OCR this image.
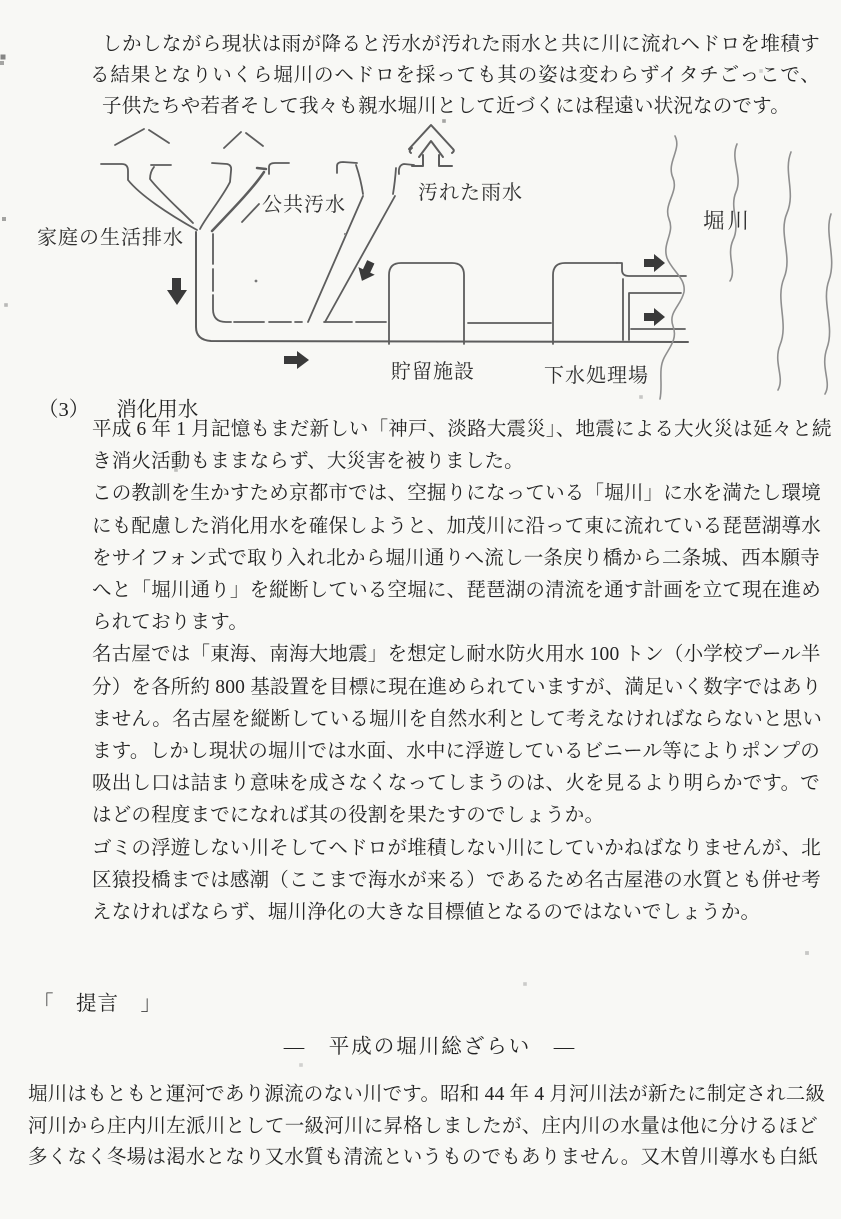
しかしながら現状は雨が降ると汚水が汚れた雨水と共に川に流れヘドロを堆積す
る結果となりいくら堀川のヘドロを採っても其の姿は変わらずイタチごっこで、
子供たちや若者そして我々も親水堀川として近づくには程遠い状況なのです。
家庭の生活排水
公共汚水
汚れた雨水
堀川
貯留施設	下水処理場
（3） 消化用水
平成 6 年 1 月記憶もまだ新しい「神戸、淡路大震災」、地震による大火災は延々と続
き消火活動もままならず、大災害を被りました。
この教訓を生かすため京都市では、空掘りになっている「堀川」に水を満たし環境
にも配慮した消化用水を確保しようと、加茂川に沿って東に流れている琵琶湖導水
をサイフォン式で取り入れ北から堀川通りへ流し一条戻り橋から二条城、西本願寺
へと「堀川通り」を縦断している空堀に、琵琶湖の清流を通す計画を立て現在進め
られております。
名古屋では「東海、南海大地震」を想定し耐水防火用水 100 トン（小学校プール半
分）を各所約 800 基設置を目標に現在進められていますが、満足いく数字ではあり
ません。名古屋を縦断している堀川を自然水利として考えなければならないと思い
ます。しかし現状の堀川では水面、水中に浮遊しているビニール等によりポンプの
吸出し口は詰まり意味を成さなくなってしまうのは、火を見るより明らかです。で
はどの程度までになれば其の役割を果たすのでしょうか。
ゴミの浮遊しない川そしてヘドロが堆積しない川にしていかねばなりませんが、北
区猿投橋までは感潮（ここまで海水が来る）であるため名古屋港の水質とも併せ考
えなければならず、堀川浄化の大きな目標値となるのではないでしょうか。
「　提言　」
―　平成の堀川総ざらい　―
堀川はもともと運河であり源流のない川です。昭和 44 年 4 月河川法が新たに制定され二級
河川から庄内川左派川として一級河川に昇格しましたが、庄内川の水量は他に分けるほど
多くなく冬場は渇水となり又水質も清流というものでもありません。又木曽川導水も白紙
